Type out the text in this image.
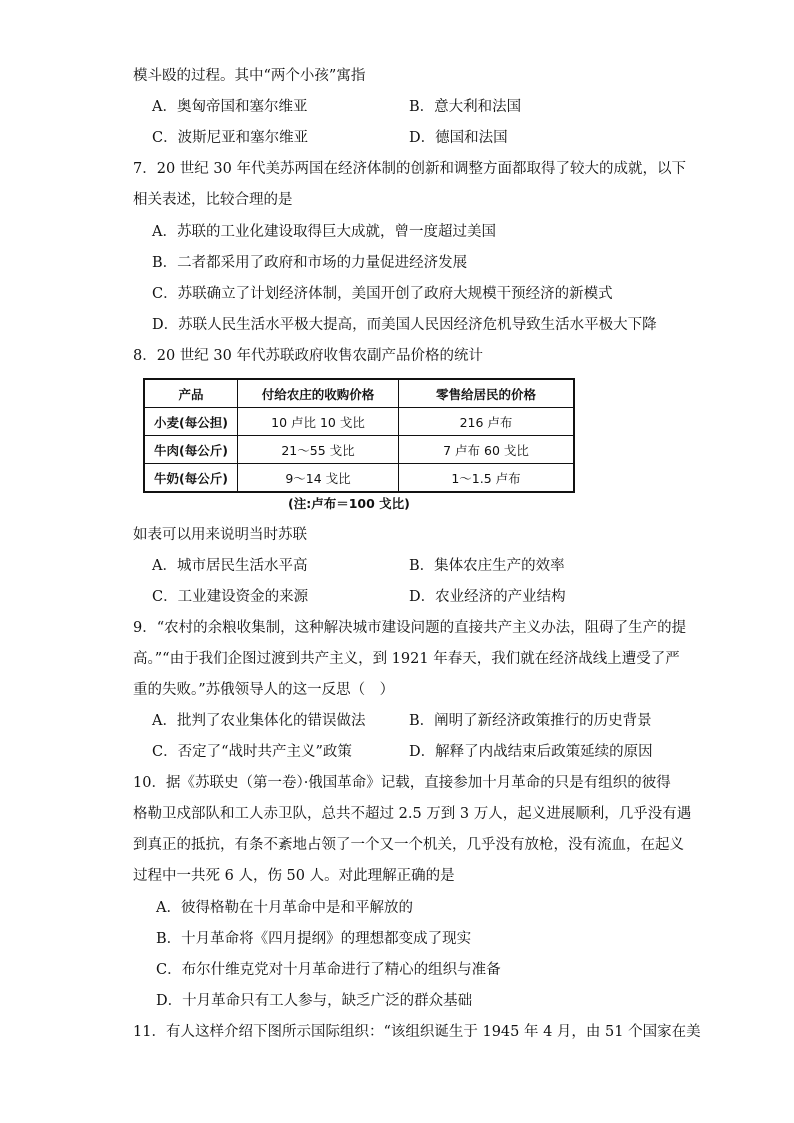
模斗殴的过程。其中“两个小孩”寓指
A．奥匈帝国和塞尔维亚	B．意大利和法国
C．波斯尼亚和塞尔维亚	D．德国和法国
7．20 世纪 30 年代美苏两国在经济体制的创新和调整方面都取得了较大的成就，以下
相关表述，比较合理的是
A．苏联的工业化建设取得巨大成就，曾一度超过美国
B．二者都采用了政府和市场的力量促进经济发展
C．苏联确立了计划经济体制，美国开创了政府大规模干预经济的新模式
D．苏联人民生活水平极大提高，而美国人民因经济危机导致生活水平极大下降
8．20 世纪 30 年代苏联政府收售农副产品价格的统计
产品	付给农庄的收购价格	零售给居民的价格
小麦(每公担)	10 卢比 10 戈比	216 卢布
牛肉(每公斤)	21～55 戈比	7 卢布 60 戈比
牛奶(每公斤)	9～14 戈比	1～1.5 卢布
(注:卢布＝100 戈比)
如表可以用来说明当时苏联
A．城市居民生活水平高	B．集体农庄生产的效率
C．工业建设资金的来源	D．农业经济的产业结构
9．“农村的余粮收集制，这种解决城市建设问题的直接共产主义办法，阻碍了生产的提
高。”“由于我们企图过渡到共产主义，到 1921 年春天，我们就在经济战线上遭受了严
重的失败。”苏俄领导人的这一反思（　）
A．批判了农业集体化的错误做法	B．阐明了新经济政策推行的历史背景
C．否定了“战时共产主义”政策	D．解释了内战结束后政策延续的原因
10．据《苏联史（第一卷）·俄国革命》记载，直接参加十月革命的只是有组织的彼得
格勒卫戍部队和工人赤卫队，总共不超过 2.5 万到 3 万人，起义进展顺利，几乎没有遇
到真正的抵抗，有条不紊地占领了一个又一个机关，几乎没有放枪，没有流血，在起义
过程中一共死 6 人，伤 50 人。对此理解正确的是
A．彼得格勒在十月革命中是和平解放的
B．十月革命将《四月提纲》的理想都变成了现实
C．布尔什维克党对十月革命进行了精心的组织与准备
D．十月革命只有工人参与，缺乏广泛的群众基础
11．有人这样介绍下图所示国际组织：“该组织诞生于 1945 年 4 月，由 51 个国家在美
